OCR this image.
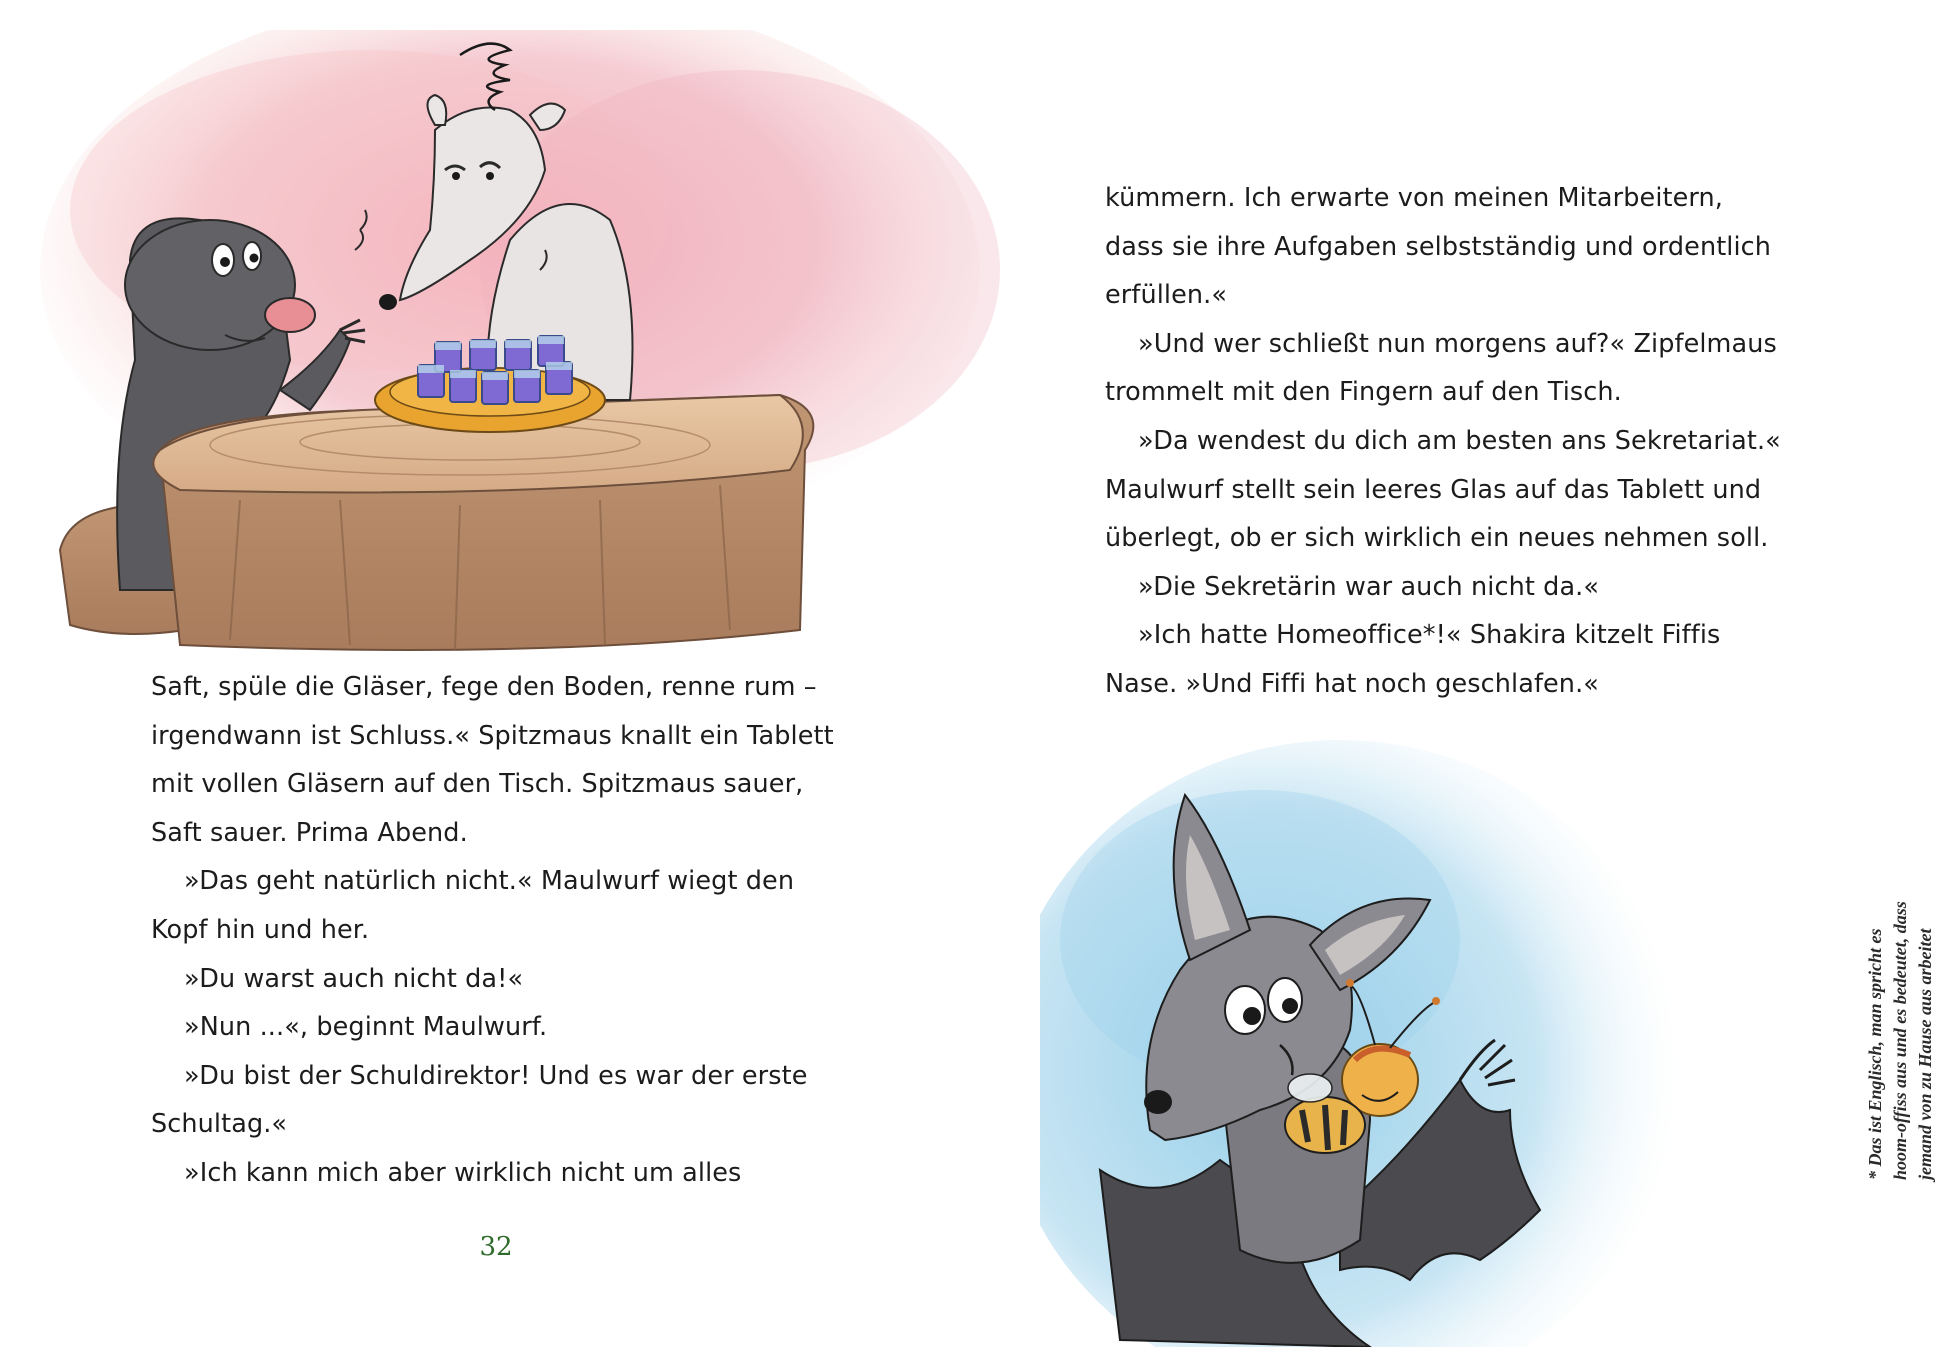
Saft, spüle die Gläser, fege den Boden, renne rum –
irgendwann ist Schluss.« Spitzmaus knallt ein Tablett
mit vollen Gläsern auf den Tisch. Spitzmaus sauer,
Saft sauer. Prima Abend.
»Das geht natürlich nicht.« Maulwurf wiegt den
Kopf hin und her.
»Du warst auch nicht da!«
»Nun ...«, beginnt Maulwurf.
»Du bist der Schuldirektor! Und es war der erste
Schultag.«
»Ich kann mich aber wirklich nicht um alles
32
kümmern. Ich erwarte von meinen Mitarbeitern,
dass sie ihre Aufgaben selbstständig und ordentlich
erfüllen.«
»Und wer schließt nun morgens auf?« Zipfelmaus
trommelt mit den Fingern auf den Tisch.
»Da wendest du dich am besten ans Sekretariat.«
Maulwurf stellt sein leeres Glas auf das Tablett und
überlegt, ob er sich wirklich ein neues nehmen soll.
»Die Sekretärin war auch nicht da.«
»Ich hatte Homeoffice*!« Shakira kitzelt Fiffis
Nase. »Und Fiffi hat noch geschlafen.«
* Das ist Englisch, man spricht es hoom-offiss aus und es bedeutet, dass jemand von zu Hause aus arbeitet
